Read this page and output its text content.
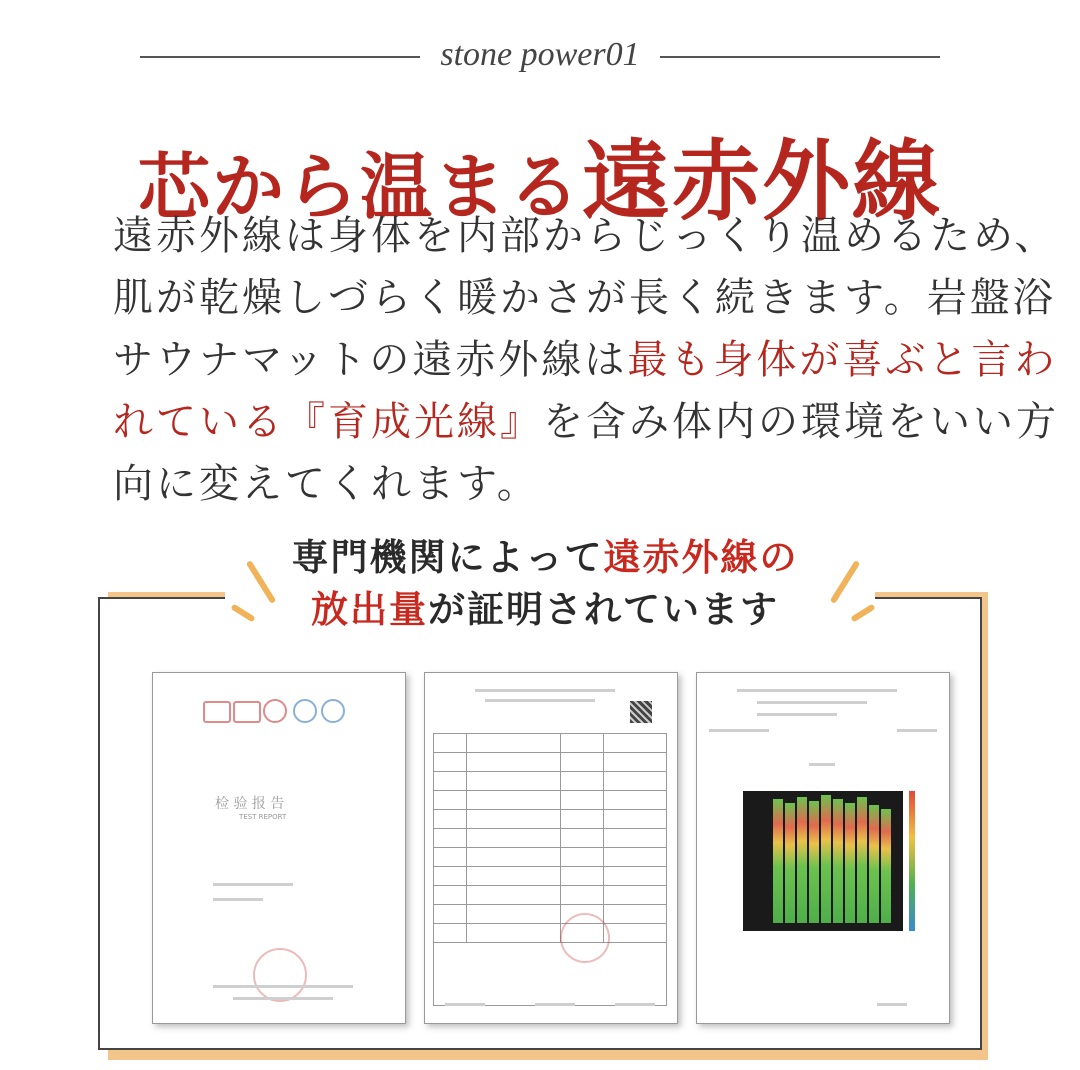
stone power01
芯から温まる遠赤外線

遠赤外線は身体を内部からじっくり温めるため、

肌が乾燥しづらく暖かさが長く続きます。岩盤浴

サウナマットの遠赤外線は最も身体が喜ぶと言わ

れている『育成光線』を含み体内の環境をいい方

向に変えてくれます。

専門機関によって遠赤外線の

放出量が証明されています

检 验 报 告
TEST REPORT
